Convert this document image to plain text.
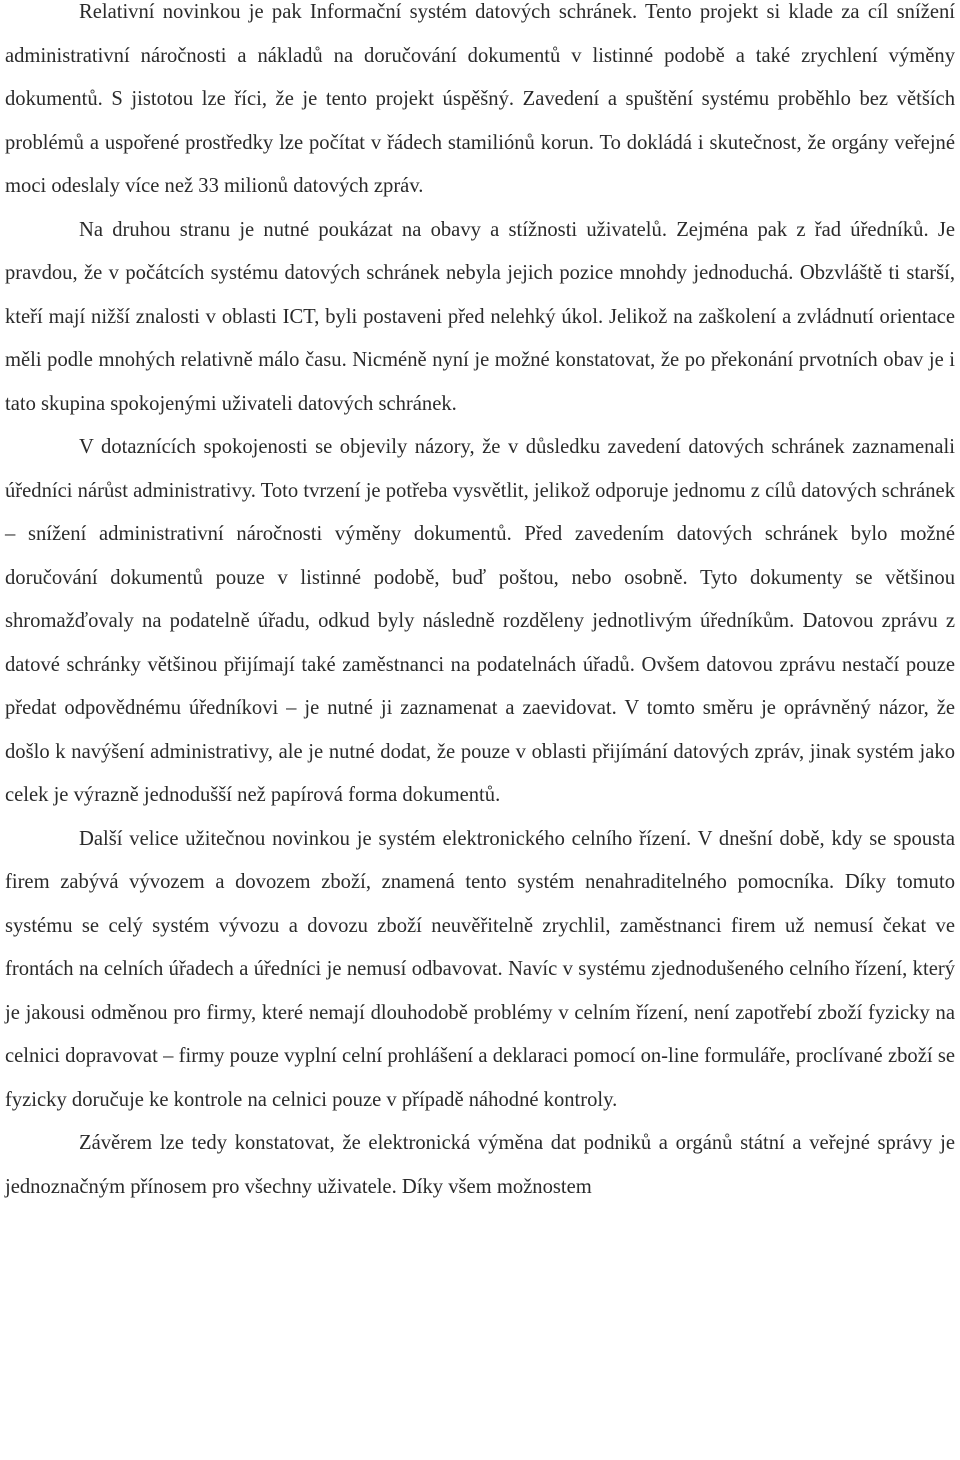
Relativní novinkou je pak Informační systém datových schránek. Tento projekt si klade za cíl snížení administrativní náročnosti a nákladů na doručování dokumentů v listinné podobě a také zrychlení výměny dokumentů. S jistotou lze říci, že je tento projekt úspěšný. Zavedení a spuštění systému proběhlo bez větších problémů a uspořené prostředky lze počítat v řádech stamiliónů korun. To dokládá i skutečnost, že orgány veřejné moci odeslaly více než 33 milionů datových zpráv.

Na druhou stranu je nutné poukázat na obavy a stížnosti uživatelů. Zejména pak z řad úředníků. Je pravdou, že v počátcích systému datových schránek nebyla jejich pozice mnohdy jednoduchá. Obzvláště ti starší, kteří mají nižší znalosti v oblasti ICT, byli postaveni před nelehký úkol. Jelikož na zaškolení a zvládnutí orientace měli podle mnohých relativně málo času. Nicméně nyní je možné konstatovat, že po překonání prvotních obav je i tato skupina spokojenými uživateli datových schránek.

V dotaznících spokojenosti se objevily názory, že v důsledku zavedení datových schránek zaznamenali úředníci nárůst administrativy. Toto tvrzení je potřeba vysvětlit, jelikož odporuje jednomu z cílů datových schránek – snížení administrativní náročnosti výměny dokumentů. Před zavedením datových schránek bylo možné doručování dokumentů pouze v listinné podobě, buď poštou, nebo osobně. Tyto dokumenty se většinou shromažďovaly na podatelně úřadu, odkud byly následně rozděleny jednotlivým úředníkům. Datovou zprávu z datové schránky většinou přijímají také zaměstnanci na podatelnách úřadů. Ovšem datovou zprávu nestačí pouze předat odpovědnému úředníkovi – je nutné ji zaznamenat a zaevidovat. V tomto směru je oprávněný názor, že došlo k navýšení administrativy, ale je nutné dodat, že pouze v oblasti přijímání datových zpráv, jinak systém jako celek je výrazně jednodušší než papírová forma dokumentů.

Další velice užitečnou novinkou je systém elektronického celního řízení. V dnešní době, kdy se spousta firem zabývá vývozem a dovozem zboží, znamená tento systém nenahraditelného pomocníka. Díky tomuto systému se celý systém vývozu a dovozu zboží neuvěřitelně zrychlil, zaměstnanci firem už nemusí čekat ve frontách na celních úřadech a úředníci je nemusí odbavovat. Navíc v systému zjednodušeného celního řízení, který je jakousi odměnou pro firmy, které nemají dlouhodobě problémy v celním řízení, není zapotřebí zboží fyzicky na celnici dopravovat – firmy pouze vyplní celní prohlášení a deklaraci pomocí on-line formuláře, proclívané zboží se fyzicky doručuje ke kontrole na celnici pouze v případě náhodné kontroly.

Závěrem lze tedy konstatovat, že elektronická výměna dat podniků a orgánů státní a veřejné správy je jednoznačným přínosem pro všechny uživatele. Díky všem možnostem
